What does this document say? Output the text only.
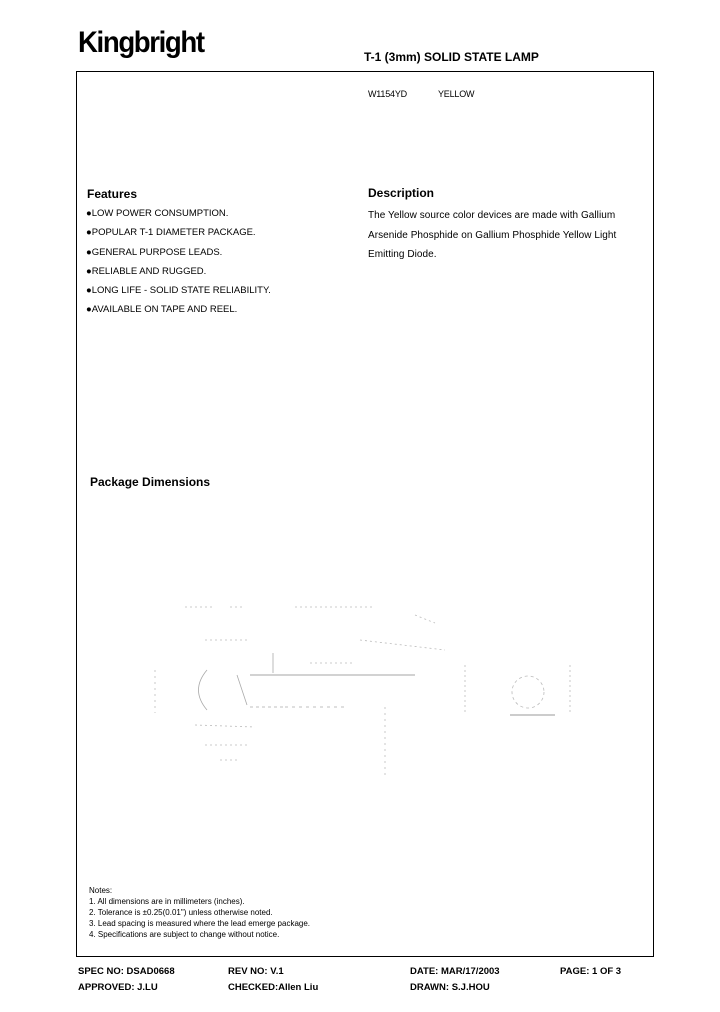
Kingbright	T-1 (3mm) SOLID STATE LAMP
W1154YD	YELLOW
Features
●LOW POWER CONSUMPTION.
●POPULAR T-1 DIAMETER PACKAGE.
●GENERAL PURPOSE LEADS.
●RELIABLE AND RUGGED.
●LONG LIFE - SOLID STATE RELIABILITY.
●AVAILABLE ON TAPE AND REEL.
Description
The Yellow source color devices are made with Gallium
Arsenide Phosphide on Gallium Phosphide Yellow Light
Emitting Diode.
Package Dimensions
Notes:
1. All dimensions are in millimeters (inches).
2. Tolerance is ±0.25(0.01") unless otherwise noted.
3. Lead spacing is measured where the lead emerge package.
4. Specifications are subject to change without notice.
SPEC NO: DSAD0668	REV NO: V.1	DATE: MAR/17/2003	PAGE: 1 OF 3
APPROVED: J.LU	CHECKED:Allen Liu	DRAWN: S.J.HOU
